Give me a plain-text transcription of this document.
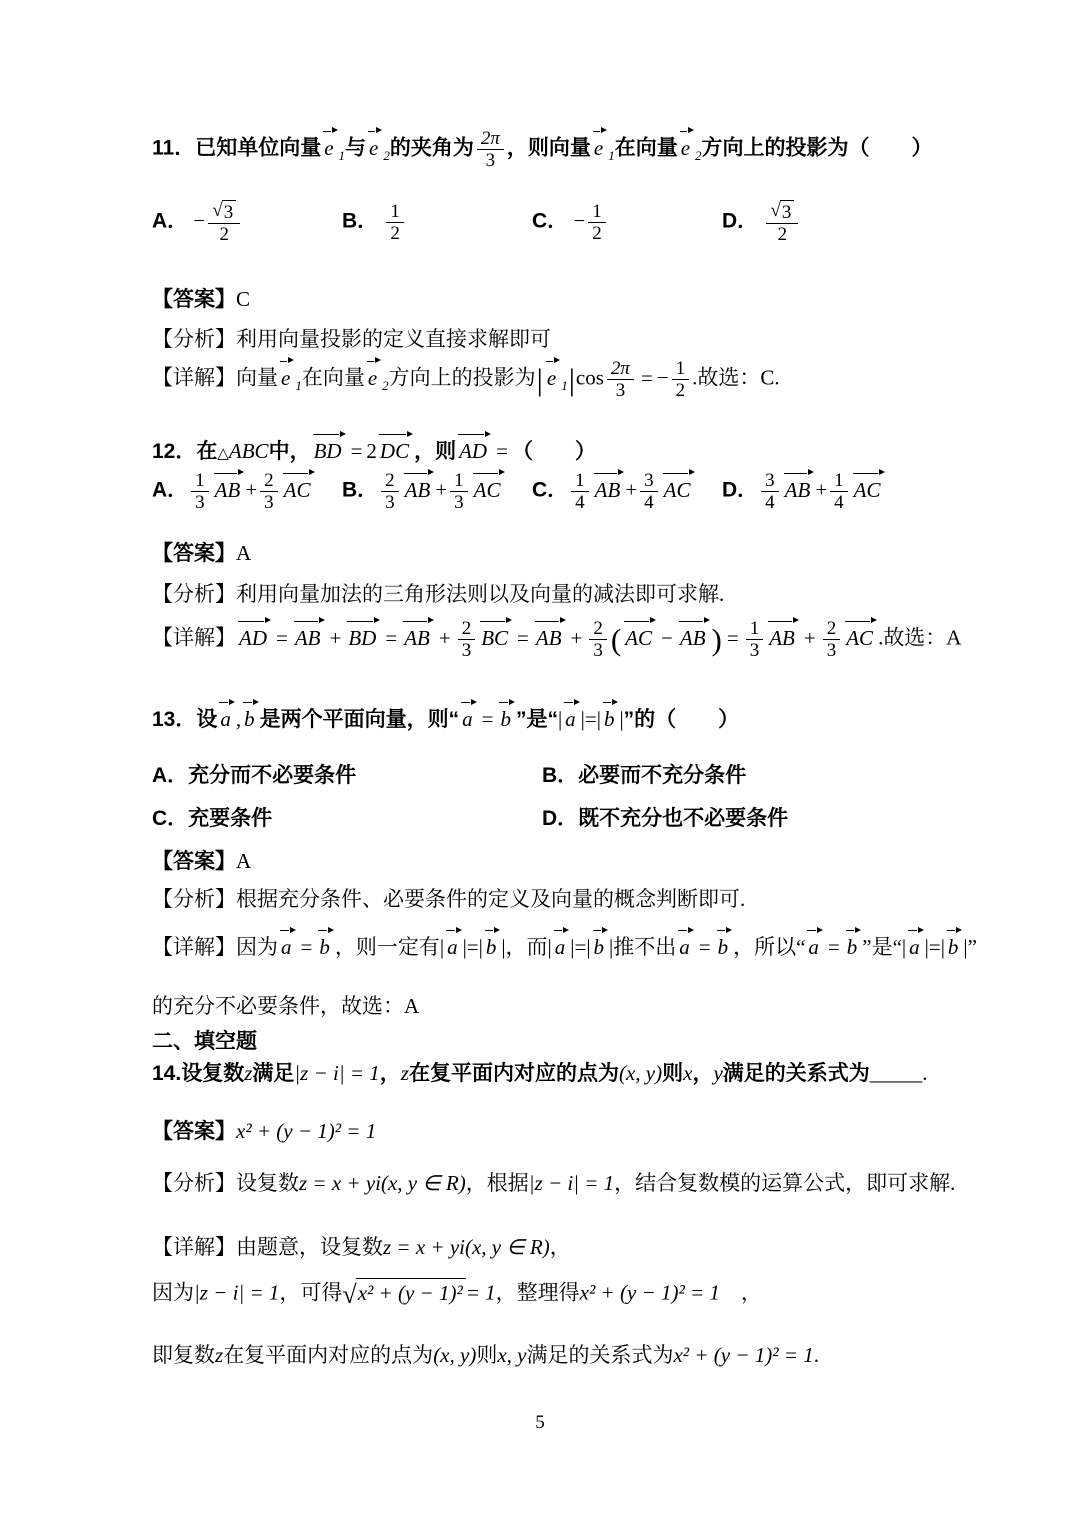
11．已知单位向量 e $_1$与 e $_2$的夹角为 $\frac{2\pi}{3}$ ，则向量 e $_1$在向量 e $_2$方向上的投影为（　　）
A． − $\frac{√ 3}{2}$	B． $\frac{1}{2}$	C． − $\frac{1}{2}$	D． $\frac{√ 3}{2}$
【答案】C
【分析】利用向量投影的定义直接求解即可
【详解】向量 e $_1$在向量 e $_2$方向上的投影为| e $_1|\cos \frac{2\pi}{3}$ = − $\frac{1}{2}$ .故选：C.
12．在△ABC中， BD = 2 DC ，则 AD = （　　）
A． $\frac{1}{3}$ AB + $\frac{2}{3}$ AC	B． $\frac{2}{3}$ AB + $\frac{1}{3}$ AC	C． $\frac{1}{4}$ AB + $\frac{3}{4}$ AC	D． $\frac{3}{4}$ AB + $\frac{1}{4}$ AC
【答案】A
【分析】利用向量加法的三角形法则以及向量的减法即可求解.
【详解】 AD = AB + BD = AB + $\frac{2}{3}$ BC = AB + $\frac{2}{3}$ ( AC − AB ) = $\frac{1}{3}$ AB + $\frac{2}{3}$ AC .故选：A
13．设 a , b 是两个平面向量，则“ a = b ”是“| a |=| b |”的（　　）
A．充分而不必要条件	B．必要而不充分条件
C．充要条件	D．既不充分也不必要条件
【答案】A
【分析】根据充分条件、必要条件的定义及向量的概念判断即可.
【详解】因为 a = b ，则一定有| a |=| b |，而| a |=| b |推不出 a = b ，所以“ a = b ”是“| a |=| b |”
的充分不必要条件，故选：A
二、填空题
14.设复数z满足|z − i| = 1，z在复平面内对应的点为(x, y)则x，y满足的关系式为_____.
【答案】x² + (y − 1)² = 1
【分析】设复数z = x + yi(x, y ∈ R)，根据|z − i| = 1，结合复数模的运算公式，即可求解.
【详解】由题意，设复数z = x + yi(x, y ∈ R)，
因为|z − i| = 1，可得 √ x² + (y − 1)² = 1，整理得x² + (y − 1)² = 1　，
即复数z在复平面内对应的点为(x, y)则x, y满足的关系式为x² + (y − 1)² = 1.
5
